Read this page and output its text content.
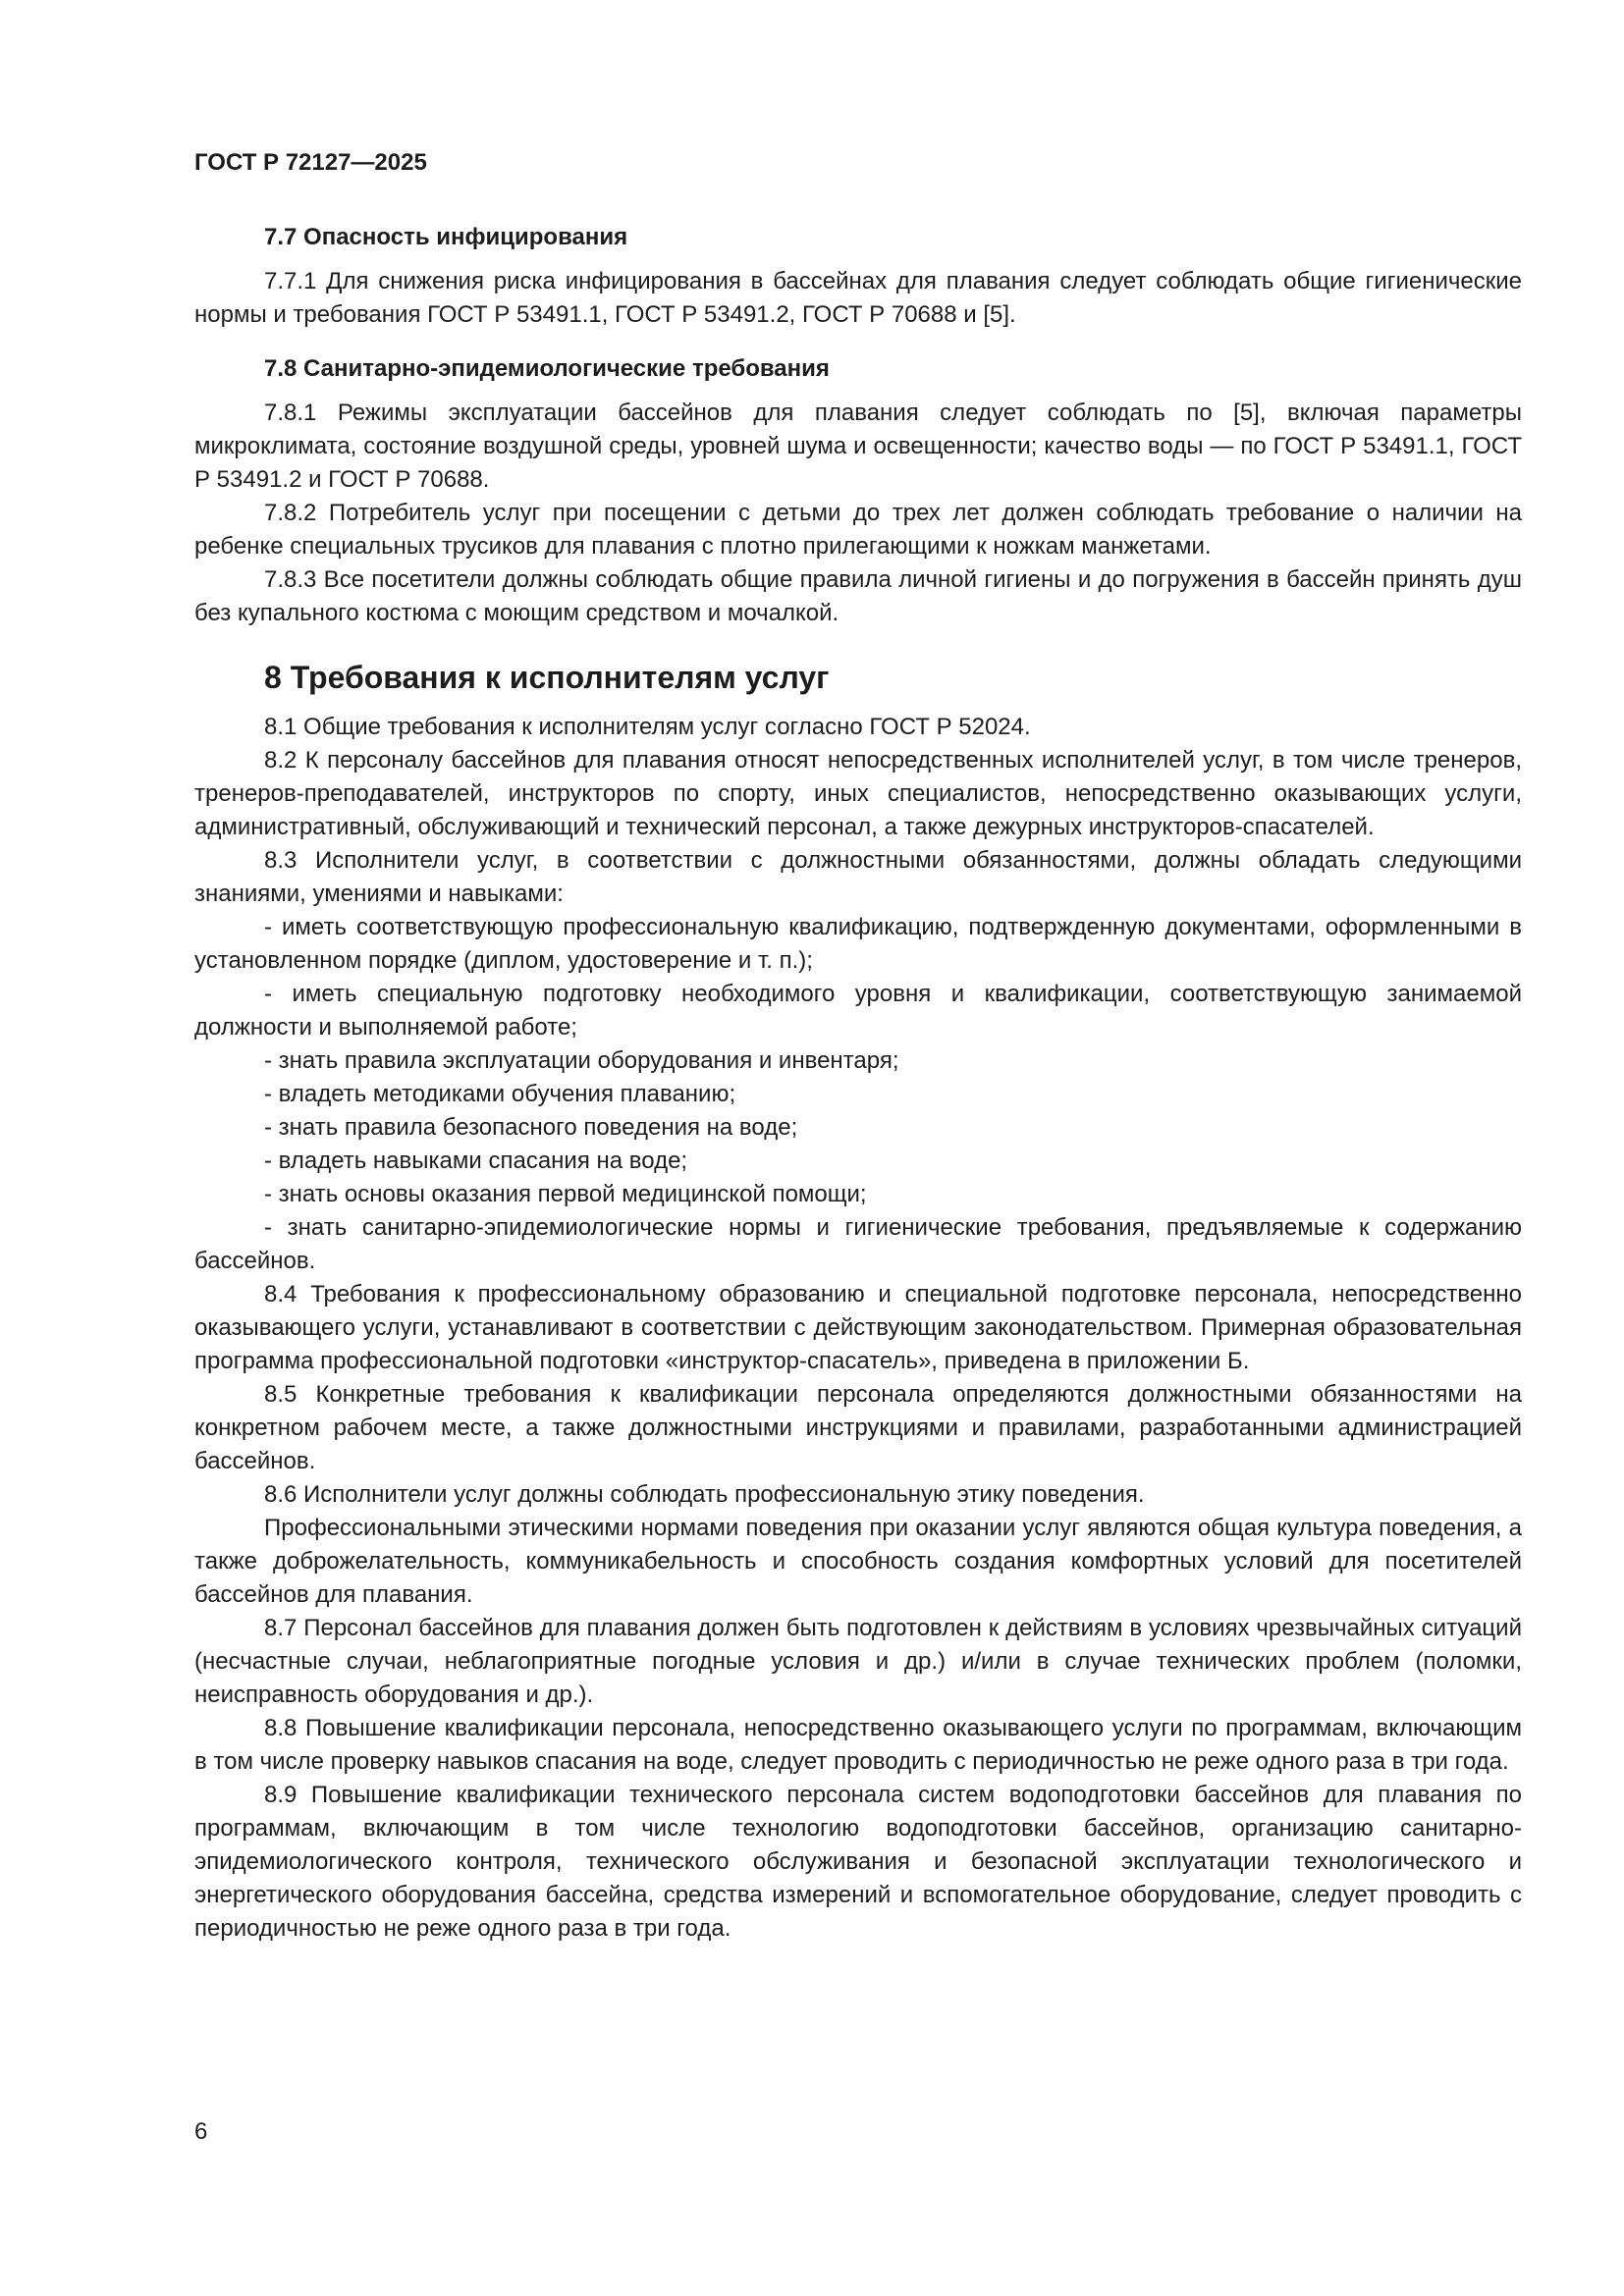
ГОСТ Р 72127—2025
7.7 Опасность инфицирования

7.7.1 Для снижения риска инфицирования в бассейнах для плавания следует соблюдать общие гигиенические нормы и требования ГОСТ Р 53491.1, ГОСТ Р 53491.2, ГОСТ Р 70688 и [5].

7.8 Санитарно-эпидемиологические требования

7.8.1 Режимы эксплуатации бассейнов для плавания следует соблюдать по [5], включая параметры микроклимата, состояние воздушной среды, уровней шума и освещенности; качество воды — по ГОСТ Р 53491.1, ГОСТ Р 53491.2 и ГОСТ Р 70688.

7.8.2 Потребитель услуг при посещении с детьми до трех лет должен соблюдать требование о наличии на ребенке специальных трусиков для плавания с плотно прилегающими к ножкам манжетами.

7.8.3 Все посетители должны соблюдать общие правила личной гигиены и до погружения в бассейн принять душ без купального костюма с моющим средством и мочалкой.

8 Требования к исполнителям услуг

8.1 Общие требования к исполнителям услуг согласно ГОСТ Р 52024.

8.2 К персоналу бассейнов для плавания относят непосредственных исполнителей услуг, в том числе тренеров, тренеров-преподавателей, инструкторов по спорту, иных специалистов, непосредственно оказывающих услуги, административный, обслуживающий и технический персонал, а также дежурных инструкторов-спасателей.

8.3 Исполнители услуг, в соответствии с должностными обязанностями, должны обладать следующими знаниями, умениями и навыками:

- иметь соответствующую профессиональную квалификацию, подтвержденную документами, оформленными в установленном порядке (диплом, удостоверение и т. п.);

- иметь специальную подготовку необходимого уровня и квалификации, соответствующую занимаемой должности и выполняемой работе;

- знать правила эксплуатации оборудования и инвентаря;

- владеть методиками обучения плаванию;

- знать правила безопасного поведения на воде;

- владеть навыками спасания на воде;

- знать основы оказания первой медицинской помощи;

- знать санитарно-эпидемиологические нормы и гигиенические требования, предъявляемые к содержанию бассейнов.

8.4 Требования к профессиональному образованию и специальной подготовке персонала, непосредственно оказывающего услуги, устанавливают в соответствии с действующим законодательством. Примерная образовательная программа профессиональной подготовки «инструктор-спасатель», приведена в приложении Б.

8.5 Конкретные требования к квалификации персонала определяются должностными обязанностями на конкретном рабочем месте, а также должностными инструкциями и правилами, разработанными администрацией бассейнов.

8.6 Исполнители услуг должны соблюдать профессиональную этику поведения.

Профессиональными этическими нормами поведения при оказании услуг являются общая культура поведения, а также доброжелательность, коммуникабельность и способность создания комфортных условий для посетителей бассейнов для плавания.

8.7 Персонал бассейнов для плавания должен быть подготовлен к действиям в условиях чрезвычайных ситуаций (несчастные случаи, неблагоприятные погодные условия и др.) и/или в случае технических проблем (поломки, неисправность оборудования и др.).

8.8 Повышение квалификации персонала, непосредственно оказывающего услуги по программам, включающим в том числе проверку навыков спасания на воде, следует проводить с периодичностью не реже одного раза в три года.

8.9 Повышение квалификации технического персонала систем водоподготовки бассейнов для плавания по программам, включающим в том числе технологию водоподготовки бассейнов, организацию санитарно-эпидемиологического контроля, технического обслуживания и безопасной эксплуатации технологического и энергетического оборудования бассейна, средства измерений и вспомогательное оборудование, следует проводить с периодичностью не реже одного раза в три года.

6
